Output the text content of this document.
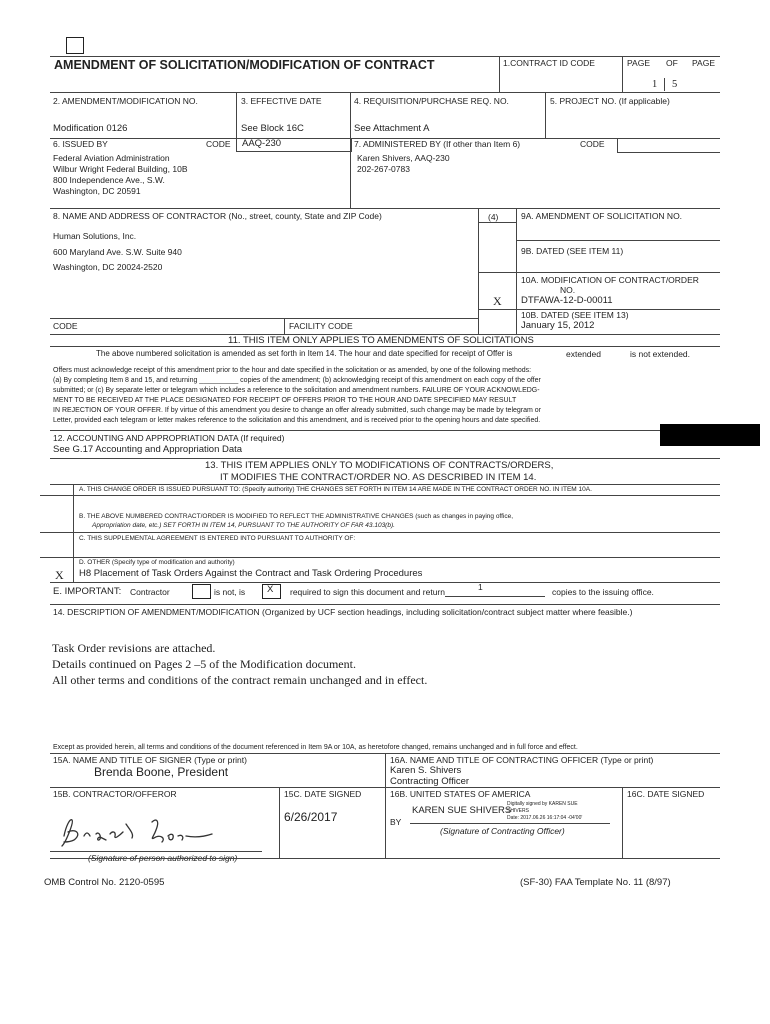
AMENDMENT OF SOLICITATION/MODIFICATION OF CONTRACT	1.CONTRACT ID CODE	PAGE OF PAGE
1 5
2. AMENDMENT/MODIFICATION NO.
Modification 0126
3. EFFECTIVE DATE
See Block 16C
4. REQUISITION/PURCHASE REQ. NO.
See Attachment A
5. PROJECT NO. (If applicable)
6. ISSUED BY	CODE AAQ-230
Federal Aviation Administration
Wilbur Wright Federal Building, 10B
800 Independence Ave., S.W.
Washington, DC 20591
7. ADMINISTERED BY (If other than Item 6)	CODE
Karen Shivers, AAQ-230
202-267-0783
8. NAME AND ADDRESS OF CONTRACTOR (No., street, county, State and ZIP Code)	(4)
Human Solutions, Inc.
600 Maryland Ave. S.W. Suite 940
Washington, DC 20024-2520
9A. AMENDMENT OF SOLICITATION NO.
9B. DATED (SEE ITEM 11)
10A. MODIFICATION OF CONTRACT/ORDER
NO.
X DTFAWA-12-D-00011
10B. DATED (SEE ITEM 13)
January 15, 2012
CODE	FACILITY CODE
11. THIS ITEM ONLY APPLIES TO AMENDMENTS OF SOLICITATIONS
The above numbered solicitation is amended as set forth in Item 14. The hour and date specified for receipt of Offer is	extended	is not extended.
Offers must acknowledge receipt of this amendment prior to the hour and date specified in the solicitation or as amended, by one of the following methods:
(a) By completing Item 8 and 15, and returning __________ copies of the amendment; (b) acknowledging receipt of this amendment on each copy of the offer
submitted; or (c) By separate letter or telegram which includes a reference to the solicitation and amendment numbers. FAILURE OF YOUR ACKNOWLEDG-
MENT TO BE RECEIVED AT THE PLACE DESIGNATED FOR RECEIPT OF OFFERS PRIOR TO THE HOUR AND DATE SPECIFIED MAY RESULT
IN REJECTION OF YOUR OFFER. If by virtue of this amendment you desire to change an offer already submitted, such change may be made by telegram or
Letter, provided each telegram or letter makes reference to the solicitation and this amendment, and is received prior to the opening hours and date specified.
12. ACCOUNTING AND APPROPRIATION DATA (If required)
See G.17 Accounting and Appropriation Data
13. THIS ITEM APPLIES ONLY TO MODIFICATIONS OF CONTRACTS/ORDERS,
IT MODIFIES THE CONTRACT/ORDER NO. AS DESCRIBED IN ITEM 14.
A. THIS CHANGE ORDER IS ISSUED PURSUANT TO: (Specify authority) THE CHANGES SET FORTH IN ITEM 14 ARE MADE IN THE CONTRACT ORDER NO. IN ITEM 10A.
B. THE ABOVE NUMBERED CONTRACT/ORDER IS MODIFIED TO REFLECT THE ADMINISTRATIVE CHANGES (such as changes in paying office,
Appropriation date, etc.) SET FORTH IN ITEM 14, PURSUANT TO THE AUTHORITY OF FAR 43.103(b).
C. THIS SUPPLEMENTAL AGREEMENT IS ENTERED INTO PURSUANT TO AUTHORITY OF:
D. OTHER (Specify type of modification and authority)
X H8 Placement of Task Orders Against the Contract and Task Ordering Procedures
E. IMPORTANT: Contractor	is not, is X required to sign this document and return	1	copies to the issuing office.
14. DESCRIPTION OF AMENDMENT/MODIFICATION (Organized by UCF section headings, including solicitation/contract subject matter where feasible.)
Task Order revisions are attached.
Details continued on Pages 2 –5 of the Modification document.
All other terms and conditions of the contract remain unchanged and in effect.
Except as provided herein, all terms and conditions of the document referenced in Item 9A or 10A, as heretofore changed, remains unchanged and in full force and effect.
15A. NAME AND TITLE OF SIGNER (Type or print)
Brenda Boone, President
16A. NAME AND TITLE OF CONTRACTING OFFICER (Type or print)
Karen S. Shivers
Contracting Officer
15B. CONTRACTOR/OFFEROR	15C. DATE SIGNED
6/26/2017
16B. UNITED STATES OF AMERICA	16C. DATE SIGNED
(Signature of person authorized to sign)
BY
KAREN SUE SHIVERS
Digitally signed by KAREN SUE
SHIVERS
Date: 2017.06.26 16:17:04 -04'00'
(Signature of Contracting Officer)
OMB Control No. 2120-0595	(SF-30) FAA Template No. 11 (8/97)
